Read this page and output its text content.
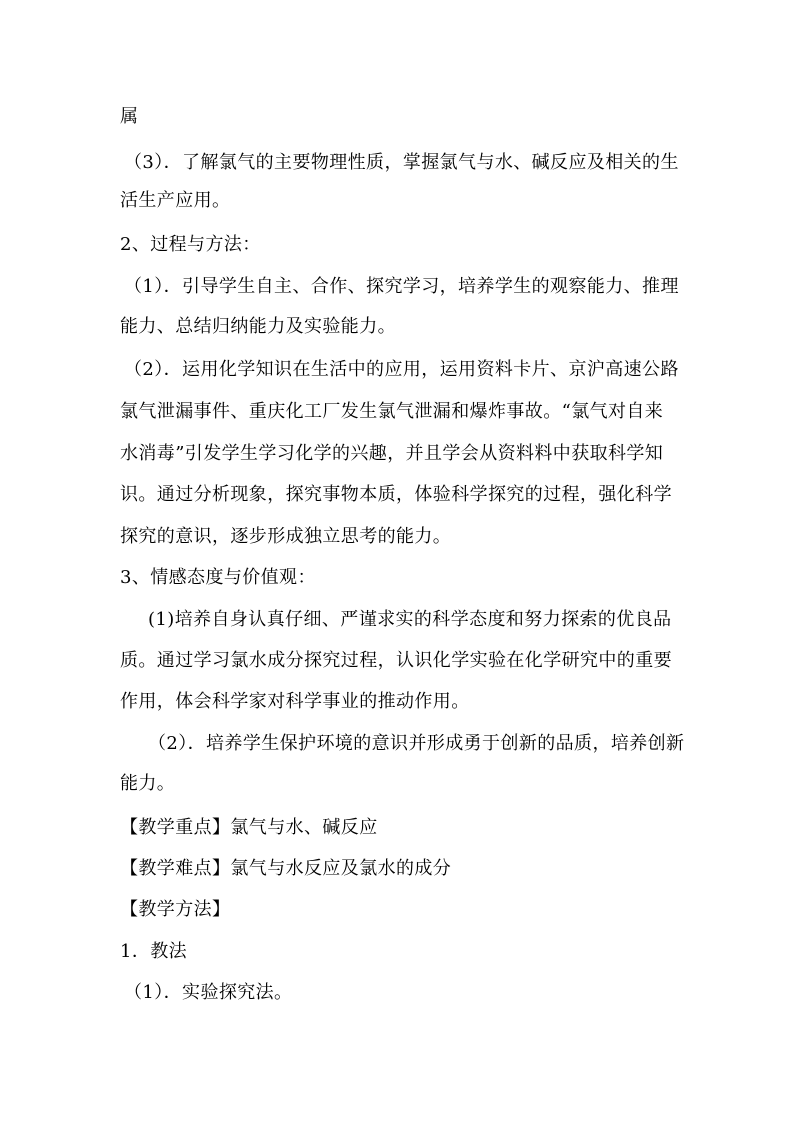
属
（3）．了解氯气的主要物理性质，掌握氯气与水、碱反应及相关的生
活生产应用。
2、过程与方法：
（1）．引导学生自主、合作、探究学习，培养学生的观察能力、推理
能力、总结归纳能力及实验能力。
（2）．运用化学知识在生活中的应用，运用资料卡片、京沪高速公路
氯气泄漏事件、重庆化工厂发生氯气泄漏和爆炸事故。“氯气对自来
水消毒”引发学生学习化学的兴趣，并且学会从资料料中获取科学知
识。通过分析现象，探究事物本质，体验科学探究的过程，强化科学
探究的意识，逐步形成独立思考的能力。
3、情感态度与价值观：
(1)培养自身认真仔细、严谨求实的科学态度和努力探索的优良品
质。通过学习氯水成分探究过程，认识化学实验在化学研究中的重要
作用，体会科学家对科学事业的推动作用。
（2）．培养学生保护环境的意识并形成勇于创新的品质，培养创新
能力。
【教学重点】氯气与水、碱反应
【教学难点】氯气与水反应及氯水的成分
【教学方法】
1．教法
（1）．实验探究法。
